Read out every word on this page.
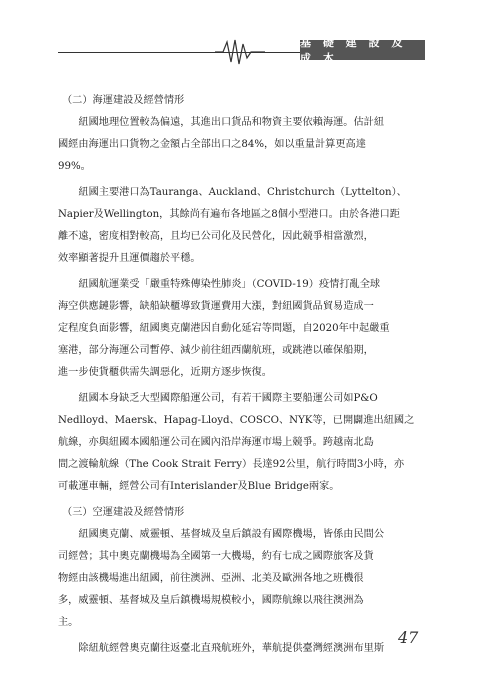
基 礎 建 設 及 成 本
（二）海運建設及經營情形

紐國地理位置較為偏遠，其進出口貨品和物資主要依賴海運。估計紐
國經由海運出口貨物之金額占全部出口之84%，如以重量計算更高達
99%。

紐國主要港口為Tauranga、Auckland、Christchurch（Lyttelton）、
Napier及Wellington，其餘尚有遍布各地區之8個小型港口。由於各港口距
離不遠，密度相對較高，且均已公司化及民營化，因此競爭相當激烈，
效率顯著提升且運價趨於平穩。

紐國航運業受「嚴重特殊傳染性肺炎」（COVID-19）疫情打亂全球
海空供應鏈影響，缺船缺櫃導致貨運費用大漲，對紐國貨品貿易造成一
定程度負面影響，紐國奧克蘭港因自動化延宕等問題，自2020年中起嚴重
塞港，部分海運公司暫停、減少前往紐西蘭航班，或跳港以確保船期，
進一步使貨櫃供需失調惡化，近期方逐步恢復。

紐國本身缺乏大型國際船運公司，有若干國際主要船運公司如P&O
Nedlloyd、Maersk、Hapag-Lloyd、COSCO、NYK等，已開闢進出紐國之
航線，亦與紐國本國船運公司在國內沿岸海運市場上競爭。跨越南北島
間之渡輪航線（The Cook Strait Ferry）長達92公里，航行時間3小時，亦
可載運車輛，經營公司有Interislander及Blue Bridge兩家。

（三）空運建設及經營情形

紐國奧克蘭、威靈頓、基督城及皇后鎮設有國際機場，皆係由民間公
司經營；其中奧克蘭機場為全國第一大機場，約有七成之國際旅客及貨
物經由該機場進出紐國，前往澳洲、亞洲、北美及歐洲各地之班機很
多，威靈頓、基督城及皇后鎮機場規模較小，國際航線以飛往澳洲為
主。

除紐航經營奧克蘭往返臺北直飛航班外，華航提供臺灣經澳洲布里斯

47
